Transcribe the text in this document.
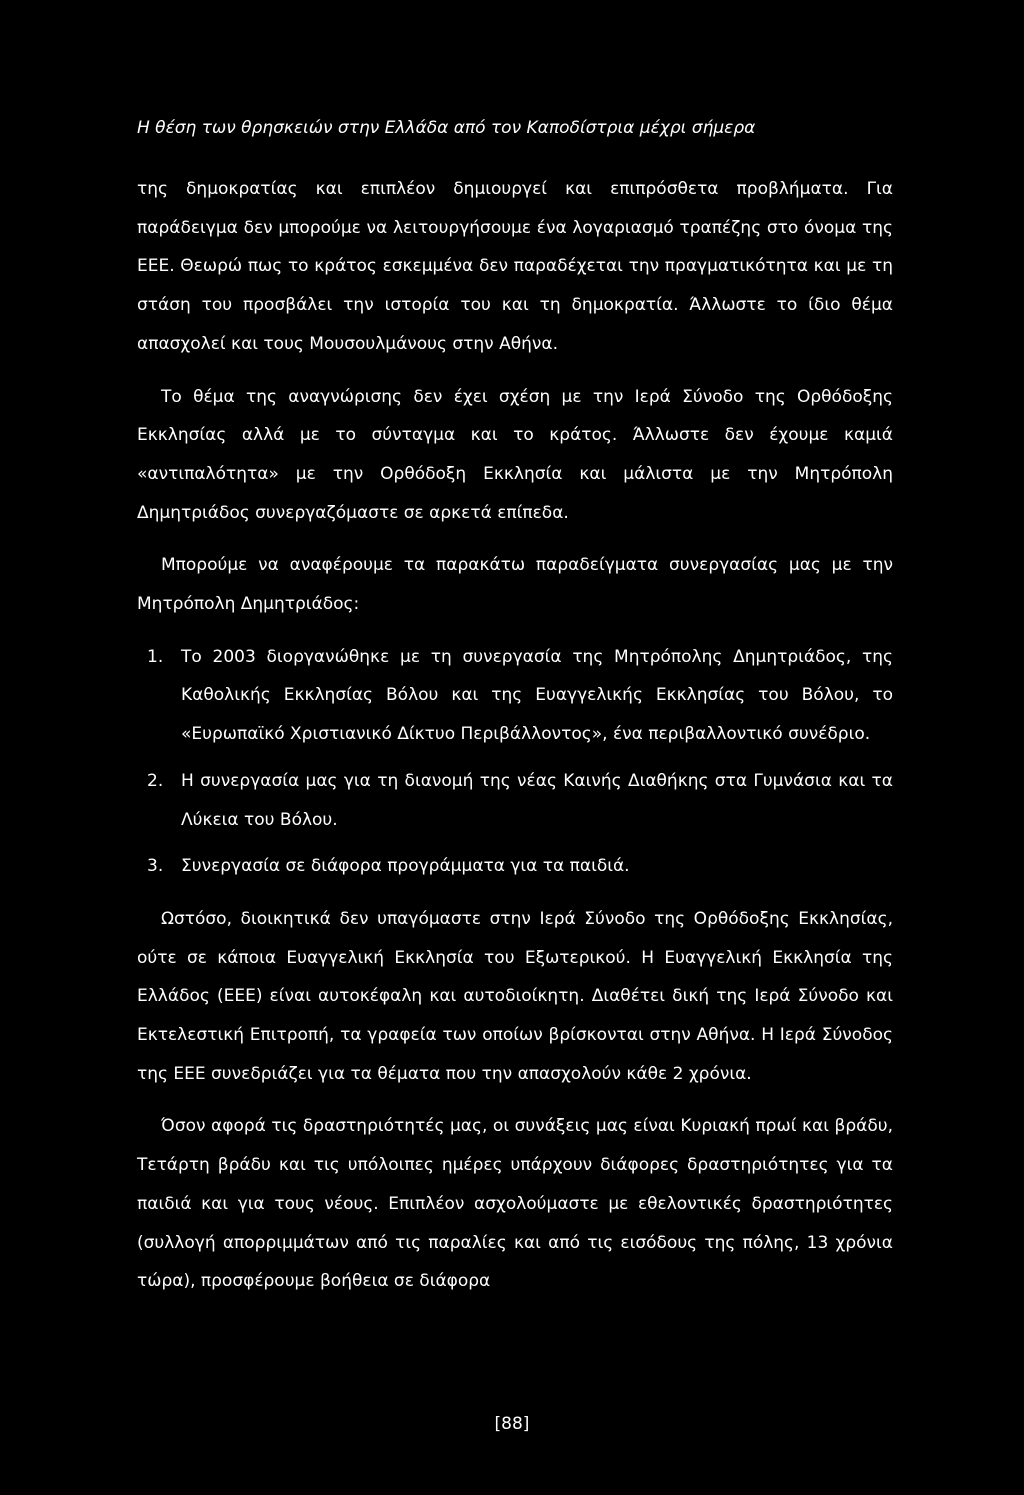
Η θέση των θρησκειών στην Ελλάδα από τον Καποδίστρια μέχρι σήμερα

της δημοκρατίας και επιπλέον δημιουργεί και επιπρόσθετα προβλήματα. Για παράδειγμα δεν μπορούμε να λειτουργήσουμε ένα λογαριασμό τραπέζης στο όνομα της ΕΕΕ. Θεωρώ πως το κράτος εσκεμμένα δεν παραδέχεται την πραγματικότητα και με τη στάση του προσβάλει την ιστορία του και τη δημοκρατία. Άλλωστε το ίδιο θέμα απασχολεί και τους Μουσουλμάνους στην Αθήνα.

Το θέμα της αναγνώρισης δεν έχει σχέση με την Ιερά Σύνοδο της Ορθόδοξης Εκκλησίας αλλά με το σύνταγμα και το κράτος. Άλλωστε δεν έχουμε καμιά «αντιπαλότητα» με την Ορθόδοξη Εκκλησία και μάλιστα με την Μητρόπολη Δημητριάδος συνεργαζόμαστε σε αρκετά επίπεδα.

Μπορούμε να αναφέρουμε τα παρακάτω παραδείγματα συνεργασίας μας με την Μητρόπολη Δημητριάδος:

1. Το 2003 διοργανώθηκε με τη συνεργασία της Μητρόπολης Δημητριάδος, της Καθολικής Εκκλησίας Βόλου και της Ευαγγελικής Εκκλησίας του Βόλου, το «Ευρωπαϊκό Χριστιανικό Δίκτυο Περιβάλλοντος», ένα περιβαλλοντικό συνέδριο.
2. Η συνεργασία μας για τη διανομή της νέας Καινής Διαθήκης στα Γυμνάσια και τα Λύκεια του Βόλου.
3. Συνεργασία σε διάφορα προγράμματα για τα παιδιά.

Ωστόσο, διοικητικά δεν υπαγόμαστε στην Ιερά Σύνοδο της Ορθόδοξης Εκκλησίας, ούτε σε κάποια Ευαγγελική Εκκλησία του Εξωτερικού. Η Ευαγγελική Εκκλησία της Ελλάδος (ΕΕΕ) είναι αυτοκέφαλη και αυτοδιοίκητη. Διαθέτει δική της Ιερά Σύνοδο και Εκτελεστική Επιτροπή, τα γραφεία των οποίων βρίσκονται στην Αθήνα. Η Ιερά Σύνοδος της ΕΕΕ συνεδριάζει για τα θέματα που την απασχολούν κάθε 2 χρόνια.

Όσον αφορά τις δραστηριότητές μας, οι συνάξεις μας είναι Κυριακή πρωί και βράδυ, Τετάρτη βράδυ και τις υπόλοιπες ημέρες υπάρχουν διάφορες δραστηριότητες για τα παιδιά και για τους νέους. Επιπλέον ασχολούμαστε με εθελοντικές δραστηριότητες (συλλογή απορριμμάτων από τις παραλίες και από τις εισόδους της πόλης, 13 χρόνια τώρα), προσφέρουμε βοήθεια σε διάφορα

[88]
